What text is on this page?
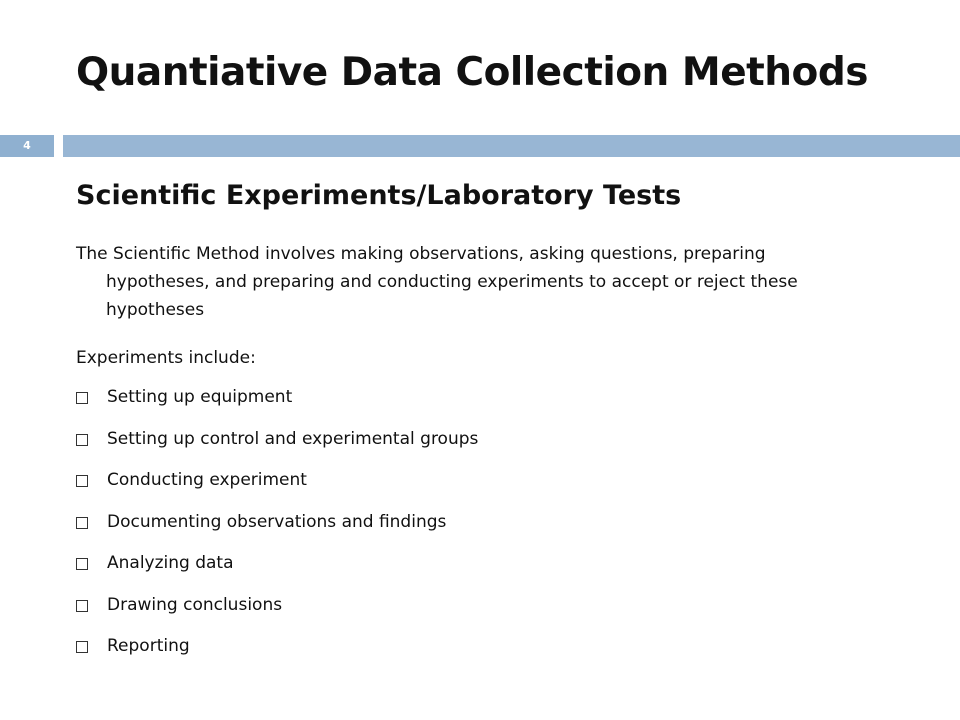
Quantiative Data Collection Methods
4
Scientific Experiments/Laboratory Tests

The Scientific Method involves making observations, asking questions, preparing hypotheses, and preparing and conducting experiments to accept or reject these hypotheses

Experiments include:

Setting up equipment
Setting up control and experimental groups
Conducting experiment
Documenting observations and findings
Analyzing data
Drawing conclusions
Reporting
